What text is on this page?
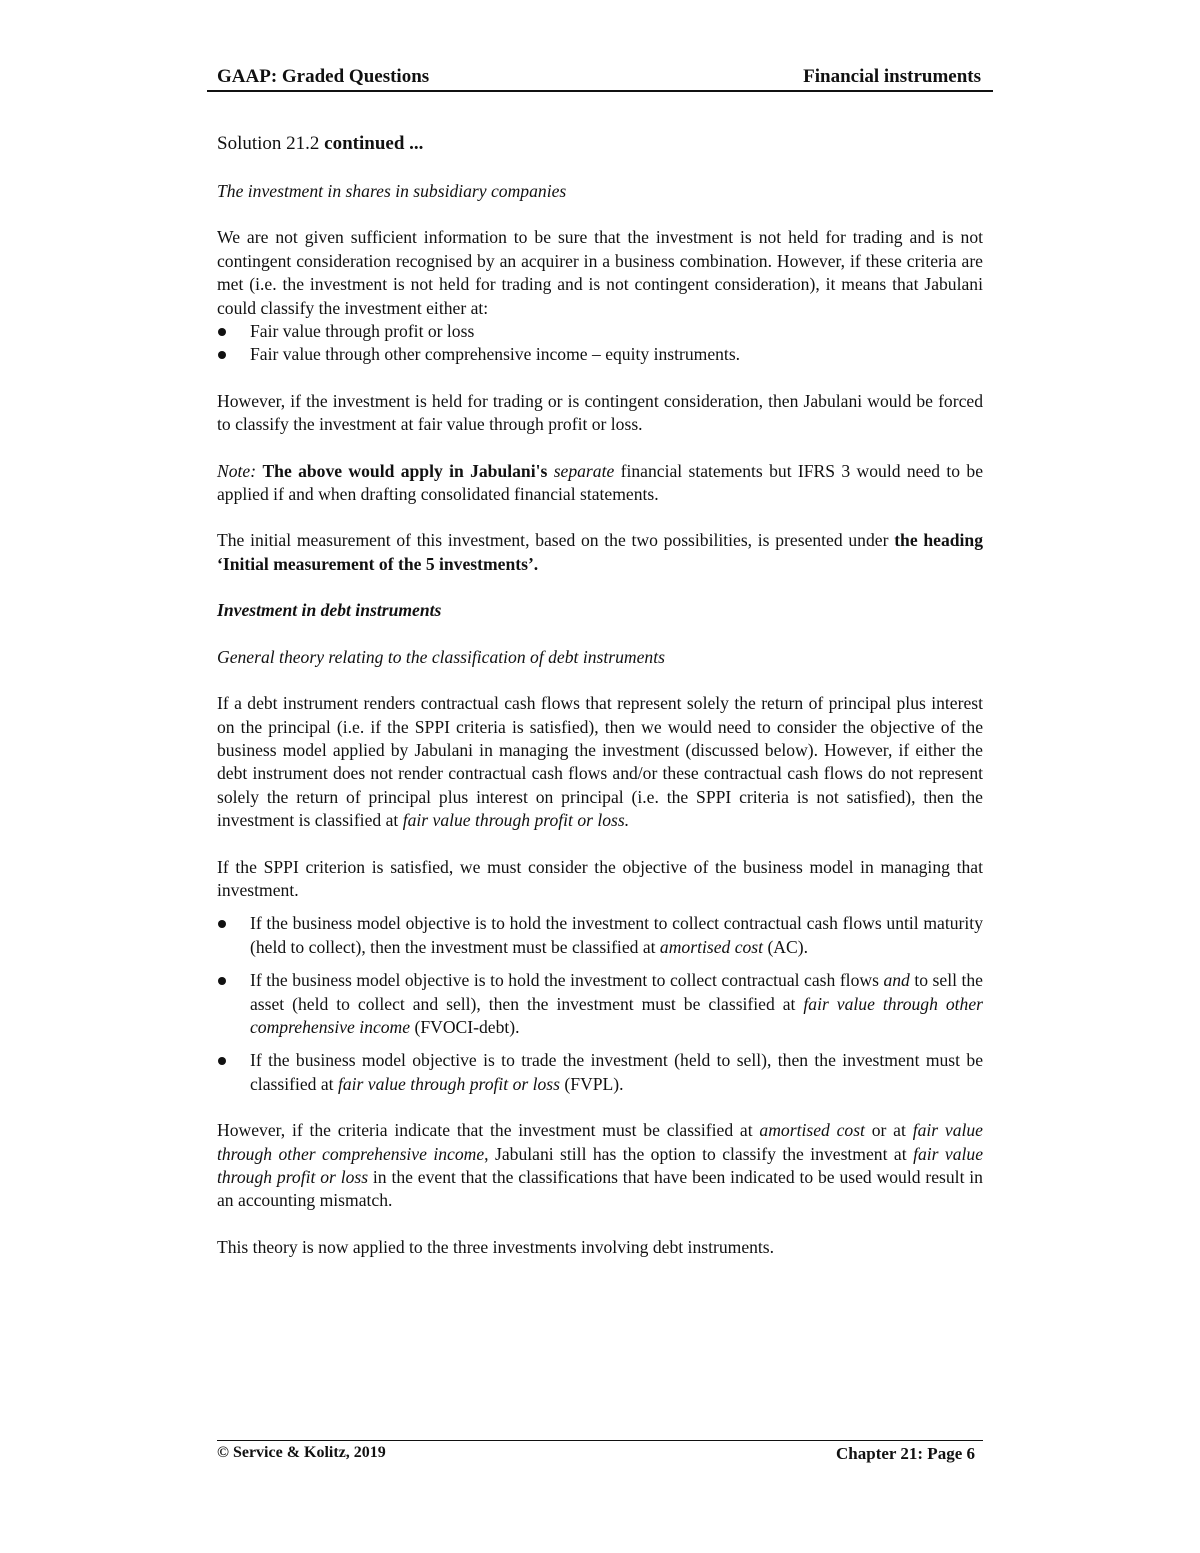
GAAP: Graded Questions	Financial instruments
Solution 21.2 continued ...

The investment in shares in subsidiary companies

We are not given sufficient information to be sure that the investment is not held for trading and is not contingent consideration recognised by an acquirer in a business combination. However, if these criteria are met (i.e. the investment is not held for trading and is not contingent consideration), it means that Jabulani could classify the investment either at:

Fair value through profit or loss
Fair value through other comprehensive income – equity instruments.

However, if the investment is held for trading or is contingent consideration, then Jabulani would be forced to classify the investment at fair value through profit or loss.

Note: The above would apply in Jabulani's separate financial statements but IFRS 3 would need to be applied if and when drafting consolidated financial statements.

The initial measurement of this investment, based on the two possibilities, is presented under the heading ‘Initial measurement of the 5 investments’.

Investment in debt instruments

General theory relating to the classification of debt instruments

If a debt instrument renders contractual cash flows that represent solely the return of principal plus interest on the principal (i.e. if the SPPI criteria is satisfied), then we would need to consider the objective of the business model applied by Jabulani in managing the investment (discussed below). However, if either the debt instrument does not render contractual cash flows and/or these contractual cash flows do not represent solely the return of principal plus interest on principal (i.e. the SPPI criteria is not satisfied), then the investment is classified at fair value through profit or loss.

If the SPPI criterion is satisfied, we must consider the objective of the business model in managing that investment.

If the business model objective is to hold the investment to collect contractual cash flows until maturity (held to collect), then the investment must be classified at amortised cost (AC).
If the business model objective is to hold the investment to collect contractual cash flows and to sell the asset (held to collect and sell), then the investment must be classified at fair value through other comprehensive income (FVOCI-debt).
If the business model objective is to trade the investment (held to sell), then the investment must be classified at fair value through profit or loss (FVPL).

However, if the criteria indicate that the investment must be classified at amortised cost or at fair value through other comprehensive income, Jabulani still has the option to classify the investment at fair value through profit or loss in the event that the classifications that have been indicated to be used would result in an accounting mismatch.

This theory is now applied to the three investments involving debt instruments.

© Service & Kolitz, 2019	Chapter 21: Page 6
